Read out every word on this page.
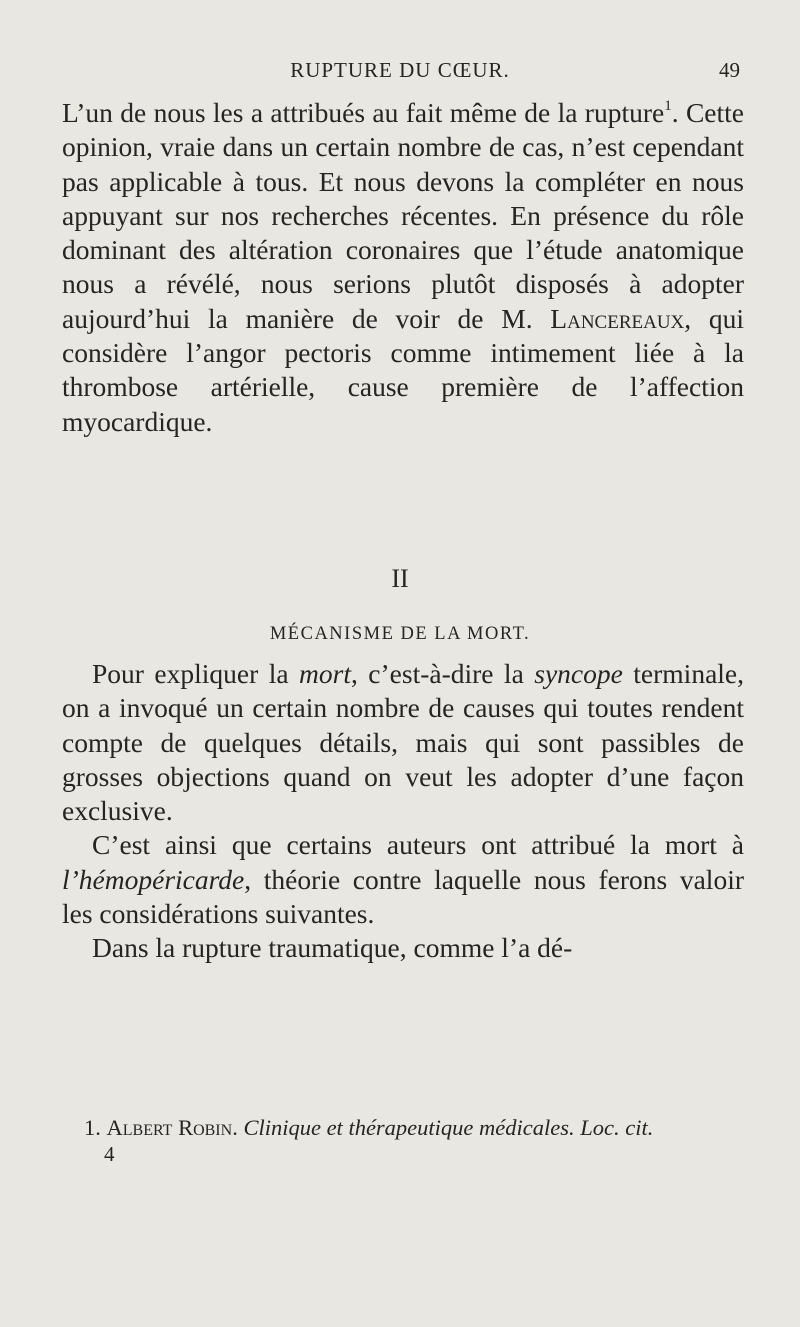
RUPTURE DU CŒUR.	49

L’un de nous les a attribués au fait même de la rupture$^1$. Cette opinion, vraie dans un certain nombre de cas, n’est cependant pas applicable à tous. Et nous devons la compléter en nous appuyant sur nos recherches récentes. En présence du rôle dominant des altération coronaires que l’étude anatomique nous a révélé, nous serions plutôt disposés à adopter aujourd’hui la manière de voir de M. Lancereaux, qui considère l’angor pectoris comme intimement liée à la thrombose artérielle, cause première de l’affection myocardique.

II
MÉCANISME DE LA MORT.

Pour expliquer la mort, c’est-à-dire la syncope terminale, on a invoqué un certain nombre de causes qui toutes rendent compte de quelques détails, mais qui sont passibles de grosses objections quand on veut les adopter d’une façon exclusive.

C’est ainsi que certains auteurs ont attribué la mort à l’hémopéricarde, théorie contre laquelle nous ferons valoir les considérations suivantes.

Dans la rupture traumatique, comme l’a dé-

1. Albert Robin. Clinique et thérapeutique médicales. Loc. cit.
4
